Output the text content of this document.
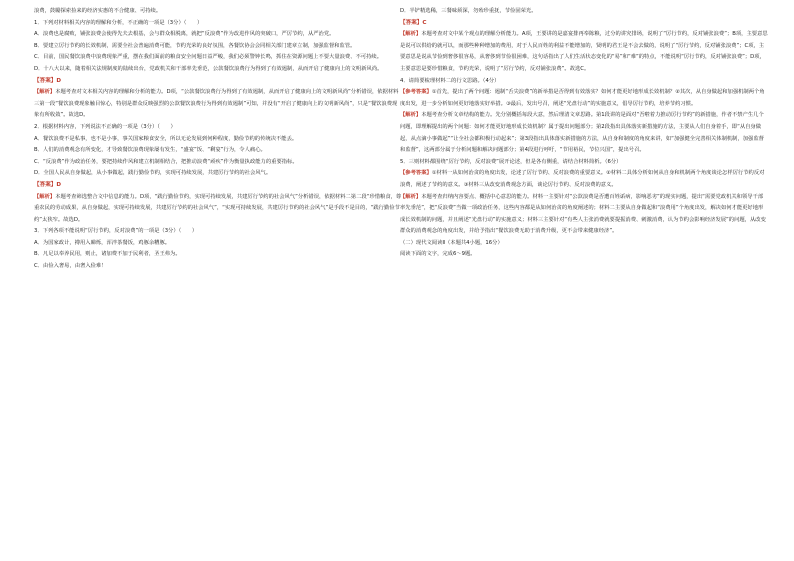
浪费，鼓勵探索捡来的经济实惠的不合健康、可持续。

1．下列对材料相关内容的理解和分析，不正确的一项是（3分）（　　）

A．浪费也是腐败，铺张浪费会使得先夫去根基，会与群众相脱离，就把“反浪费”作为改进作风的突破口，严厉节约，从严治党。

B．要建立厉行节约的长效机制，需要全社会普遍消费可能，节约光荣的良好氛围，各餐饮协会会同相关部门建章立制，加强监督和监管。

C．目前，国民餐饮浪费中浪费现象严重，摆在我们面前的粮食安全问题日益严峻，我们必须警钟长鸣，抓住在资源问题上不要大量浪费、不可持续。

D．十八大以来，随着相关法规制度的陆续出台，党政机关和干部率先垂范，公款餐饮浪费行为得到了有效遏制，从而开启了健康向上的文明新风尚。

【答案】D

【解析】本题考查对文本相关内容的理解和分析的能力。D项，“公款餐饮浪费行为得到了有效遏制，从而开启了健康向上的文明新风尚”分析错误，依据材料三第一段“餐饮浪费现象触目惊心，特别是群众反映强烈的公款餐饮浪费行为得到有效遏制”可知，并没有“开启了健康向上的文明新风尚”，只是“餐饮浪费现象有所收敛”。故选D。

2．根据材料内容，下列说法不正确的一项是（3分）（　　）

A．餐饮浪费不是私事，也不是小事，事关国家粮食安全，所以无论发展到何种程度，勤俭节约的传统决不能丢。

B．人们的消费观念有所变化，才导致餐饮浪费现象屡有发生，“盛宴”饭、“剩宴”行为，令人痛心。

C．“反浪费”作为政治任务，要把持续作风和建立机制相结合，把推动浪费“顽疾”作为衡量执政能力的重要指标。

D．全国人民从自身做起，从小事做起，践行勤俭节约，实现可持续发展，共建厉行节约的社会风气。

【答案】D

【解析】本题考查筛选整合文中信息的能力。D项，“践行勤俭节约，实现可持续发展，共建厉行节约的社会风气”分析错误，依据材料二第二段“珍惜粮食，尊重农民的劳动成果，从自身做起，实现可持续发展，共建厉行节约的社会风气”，“实现可持续发展，共建厉行节约的社会风气”是手段不是目的，“践行勤俭节约”太狭窄。故选D。

3．下列各项不能说明“厉行节约，反对浪费”的一项是（3分）（　　）

A．为国家政计，撙用入睇烁，浑泮茶餐饭，鸡豚余糟豚。

B．凡足以奉养民用，则止，诸加费不加于民利者，圣王弗为。

C．由俭入奢易，由奢入俭难！

D．半铲精选稀，三餐味须深，勿殆珍重抚，节俭固荣光。

【答案】C

【解析】本题考查对文中某个观点的理解分析能力。A项，王要讲的是嘉宴排再奉陈粮，过分的讲究排场，说明了“厉行节约，反对铺张浪费”；B项，主要意思是说可以供给的就可以，而那些种种增加的费用，对于人民百姓的利益不能增加的，贤明的君王是不会去做的，说明了“厉行节约，反对铺张浪费”；C项，主要意思是说从节俭到奢侈很容易，从奢侈到节俭很困难，这句话指出了人们生活状态变化的“易”和“难”的特点，不能说明“厉行节约，反对铺张浪费”；D项，主要意思是要珍惜粮食，节约光荣，说明了“厉行节约，反对铺张浪费”。故选C。

4．请简要梳理材料二的行文思路。（4分）

【参考答案】①首先，提出了两个问题：遏制“舌尖浪费”的新举措是否得到有效落实？如何才能更好地形成长效机制？②其次，从自身做起和加强机制两个角度出发，进一步分析如何更好地落实好举措。③最后，发出号召，阐述“光盘行动”的实施意义，倡导厉行节约，培养节约习惯。

【解析】本题考查分析文章结构的能力。先分别概括每段大意，然后理清文章思路。第1段讲的是面对“吾啦着力推动厉行节约”的新措施，作者不禁产生几个问题，即理解提出的两个问题：如何才能更好地形成长效机制？属于提出问题部分；第2段指出具体落实新措施的方法，主要从人们自身着手，即“从自身做起，从点滴小事做起”“让全社会都积极行动起来”；第3段指出具体落实新措施的方法，从自身和制度的角度来讲，如“加强健全完善相关体制机制，加强监督和监督”，这两部分属于分析问题和解决问题部分；第4段进行呼吁，“节用裕民，节位兴国”，提出号召。

5．三则材料都围绕“厉行节约，反对浪费”展开论述，但是各有侧重，请结合材料简析。（6分）

【参考答案】①材料一从如何治贪的角度出发，论述了厉行节约、反对浪费的重要意义。②材料二具体分析如何从自身和机制两个角度谈论怎样厉行节约反对浪费，阐述了节约的意义。③材料三从改变消费观念方面，谈论厉行节约、反对浪费的意义。

【解析】本题考查归纳内容要点、概括中心意思的能力。材料一主要针对“公款浪费是否遭百姓诟病，影响恶劣”的现实问题，提出“需要党政机关和领导干部率先垂范”，把“反浪费”当做一项政治任务，这些内容都是从如何治贪的角度阐述的；材料二主要从自身做起和“浪费用”个角度出发，解决如何才能更好地形成长效机制的问题，并且阐述“光盘行动”的实施意义；材料三主要针对“有些人主张消费就要提振消费、刺激消费，认为节约会影响经济发展”的问题，从改变群众的消费观念的角度出发，并给予指出“餐饮浪费无助于消费升级，更不会带来健康经济”。

（二）现代文阅读Ⅱ（本题共4小题，16分）

阅读下面的文字，完成6～9题。
